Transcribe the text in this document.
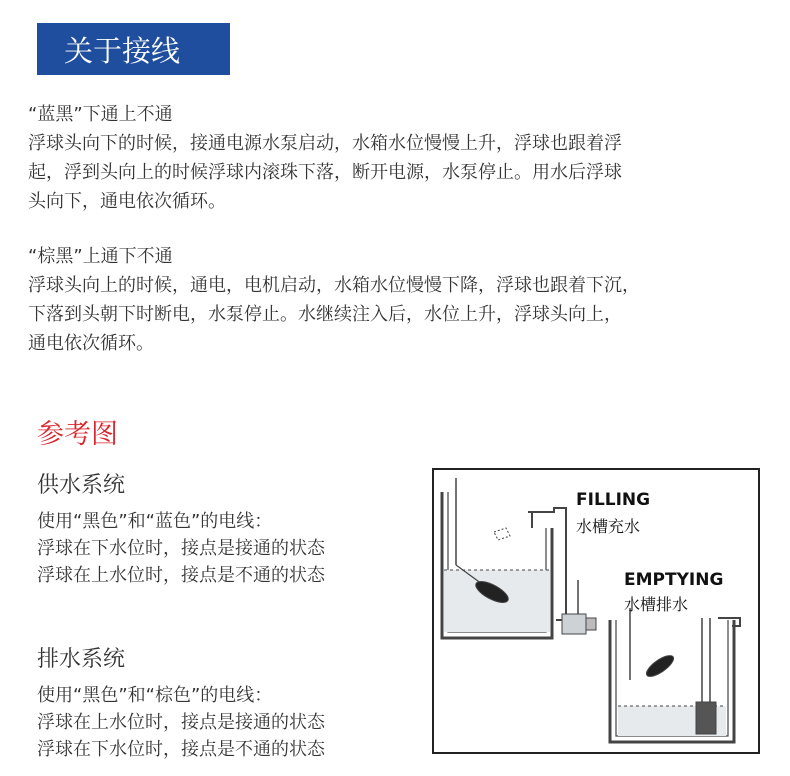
关于接线
“蓝黑”下通上不通
浮球头向下的时候，接通电源水泵启动，水箱水位慢慢上升，浮球也跟着浮
起，浮到头向上的时候浮球内滚珠下落，断开电源，水泵停止。用水后浮球
头向下，通电依次循环。
“棕黑”上通下不通
浮球头向上的时候，通电，电机启动，水箱水位慢慢下降，浮球也跟着下沉，
下落到头朝下时断电，水泵停止。水继续注入后，水位上升，浮球头向上，
通电依次循环。
参考图
供水系统
使用“黑色”和“蓝色”的电线：
浮球在下水位时，接点是接通的状态
浮球在上水位时，接点是不通的状态
排水系统
使用“黑色”和“棕色”的电线：
浮球在上水位时，接点是接通的状态
浮球在下水位时，接点是不通的状态
FILLING
水槽充水
EMPTYING
水槽排水
